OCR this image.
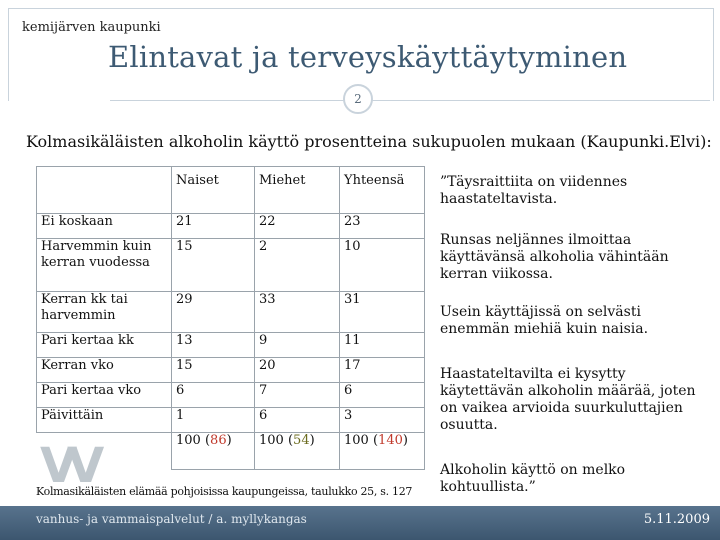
kemijärven kaupunki
Elintavat ja terveyskäyttäytyminen
2
Kolmasikäläisten alkoholin käyttö prosentteina sukupuolen mukaan (Kaupunki.Elvi):
	Naiset	Miehet	Yhteensä
Ei koskaan	21	22	23
Harvemmin kuin kerran vuodessa	15	2	10
Kerran kk tai harvemmin	29	33	31
Pari kertaa kk	13	9	11
Kerran vko	15	20	17
Pari kertaa vko	6	7	6
Päivittäin	1	6	3
	100 (86)	100 (54)	100 (140)
VV
Kolmasikäläisten elämää pohjoisissa kaupungeissa, taulukko 25, s. 127

”Täysraittiita on viidennes haastateltavista.

Runsas neljännes ilmoittaa käyttävänsä alkoholia vähintään kerran viikossa.

Usein käyttäjissä on selvästi enemmän miehiä kuin naisia.

Haastateltavilta ei kysytty käytettävän alkoholin määrää, joten on vaikea arvioida suurkuluttajien osuutta.

Alkoholin käyttö on melko kohtuullista.”

vanhus- ja vammaispalvelut / a. myllykangas	5.11.2009
